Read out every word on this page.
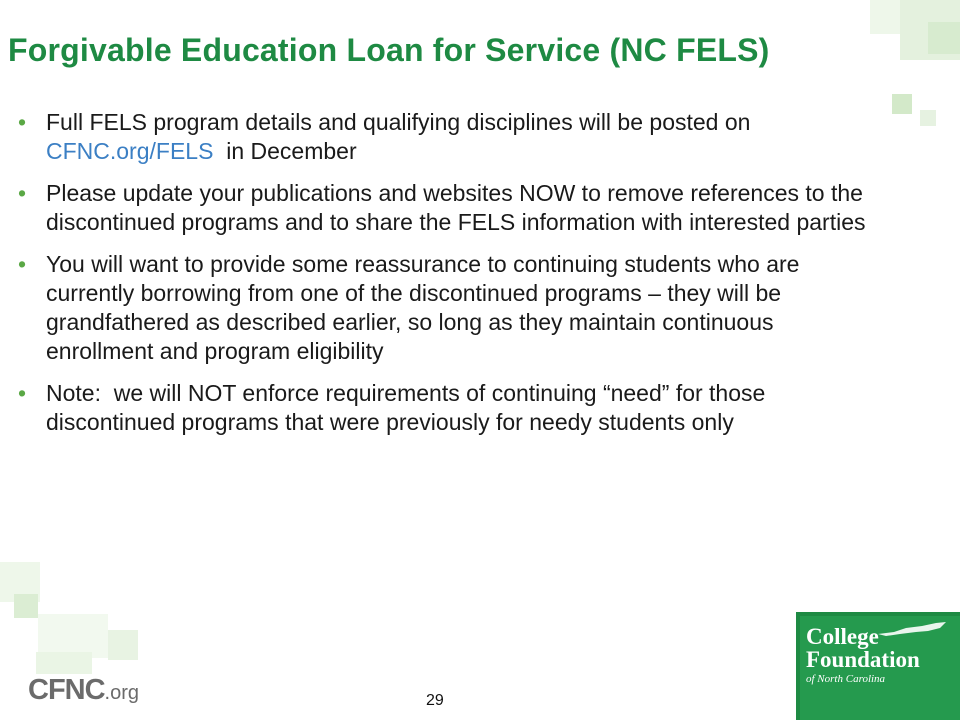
Forgivable Education Loan for Service (NC FELS)
• Full FELS program details and qualifying disciplines will be posted on CFNC.org/FELS  in December
• Please update your publications and websites NOW to remove references to the discontinued programs and to share the FELS information with interested parties
• You will want to provide some reassurance to continuing students who are currently borrowing from one of the discontinued programs – they will be grandfathered as described earlier, so long as they maintain continuous enrollment and program eligibility
• Note:  we will NOT enforce requirements of continuing “need” for those discontinued programs that were previously for needy students only
CFNC.org	29
College
Foundation
of North Carolina
